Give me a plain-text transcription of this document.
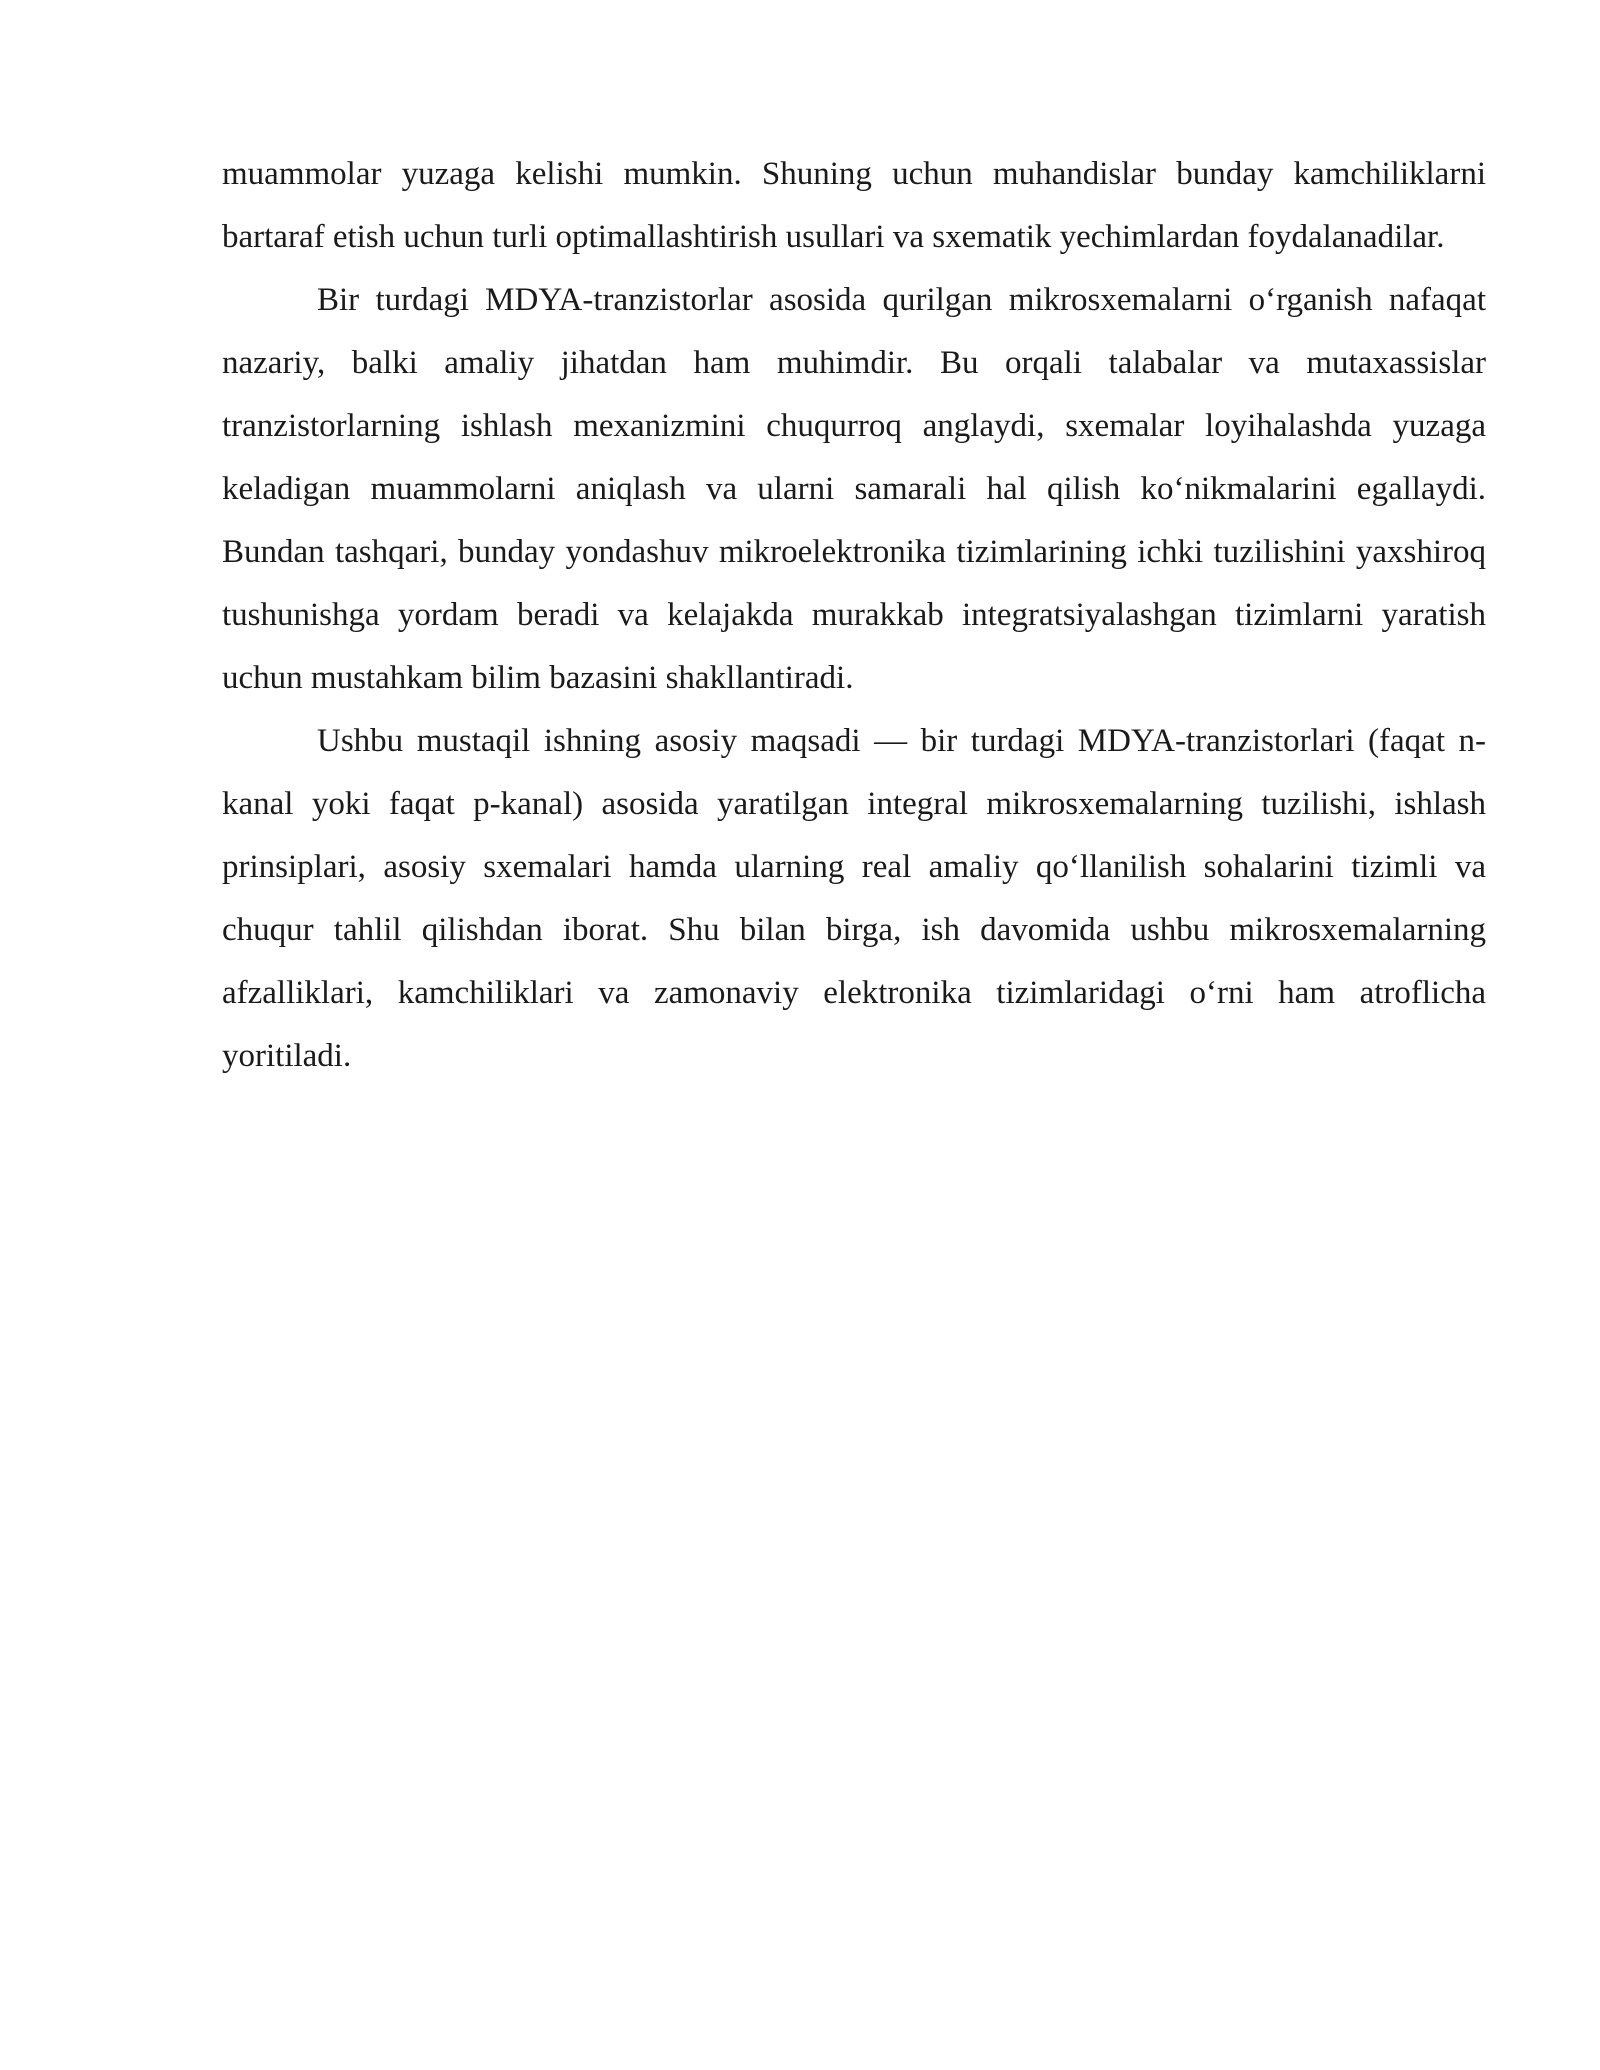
muammolar yuzaga kelishi mumkin. Shuning uchun muhandislar bunday kamchiliklarni bartaraf etish uchun turli optimallashtirish usullari va sxematik yechimlardan foydalanadilar.

Bir turdagi MDYA-tranzistorlar asosida qurilgan mikrosxemalarni o‘rganish nafaqat nazariy, balki amaliy jihatdan ham muhimdir. Bu orqali talabalar va mutaxassislar tranzistorlarning ishlash mexanizmini chuqurroq anglaydi, sxemalar loyihalashda yuzaga keladigan muammolarni aniqlash va ularni samarali hal qilish ko‘nikmalarini egallaydi. Bundan tashqari, bunday yondashuv mikroelektronika tizimlarining ichki tuzilishini yaxshiroq tushunishga yordam beradi va kelajakda murakkab integratsiyalashgan tizimlarni yaratish uchun mustahkam bilim bazasini shakllantiradi.

Ushbu mustaqil ishning asosiy maqsadi — bir turdagi MDYA-tranzistorlari (faqat n-kanal yoki faqat p-kanal) asosida yaratilgan integral mikrosxemalarning tuzilishi, ishlash prinsiplari, asosiy sxemalari hamda ularning real amaliy qo‘llanilish sohalarini tizimli va chuqur tahlil qilishdan iborat. Shu bilan birga, ish davomida ushbu mikrosxemalarning afzalliklari, kamchiliklari va zamonaviy elektronika tizimlaridagi o‘rni ham atroflicha yoritiladi.
